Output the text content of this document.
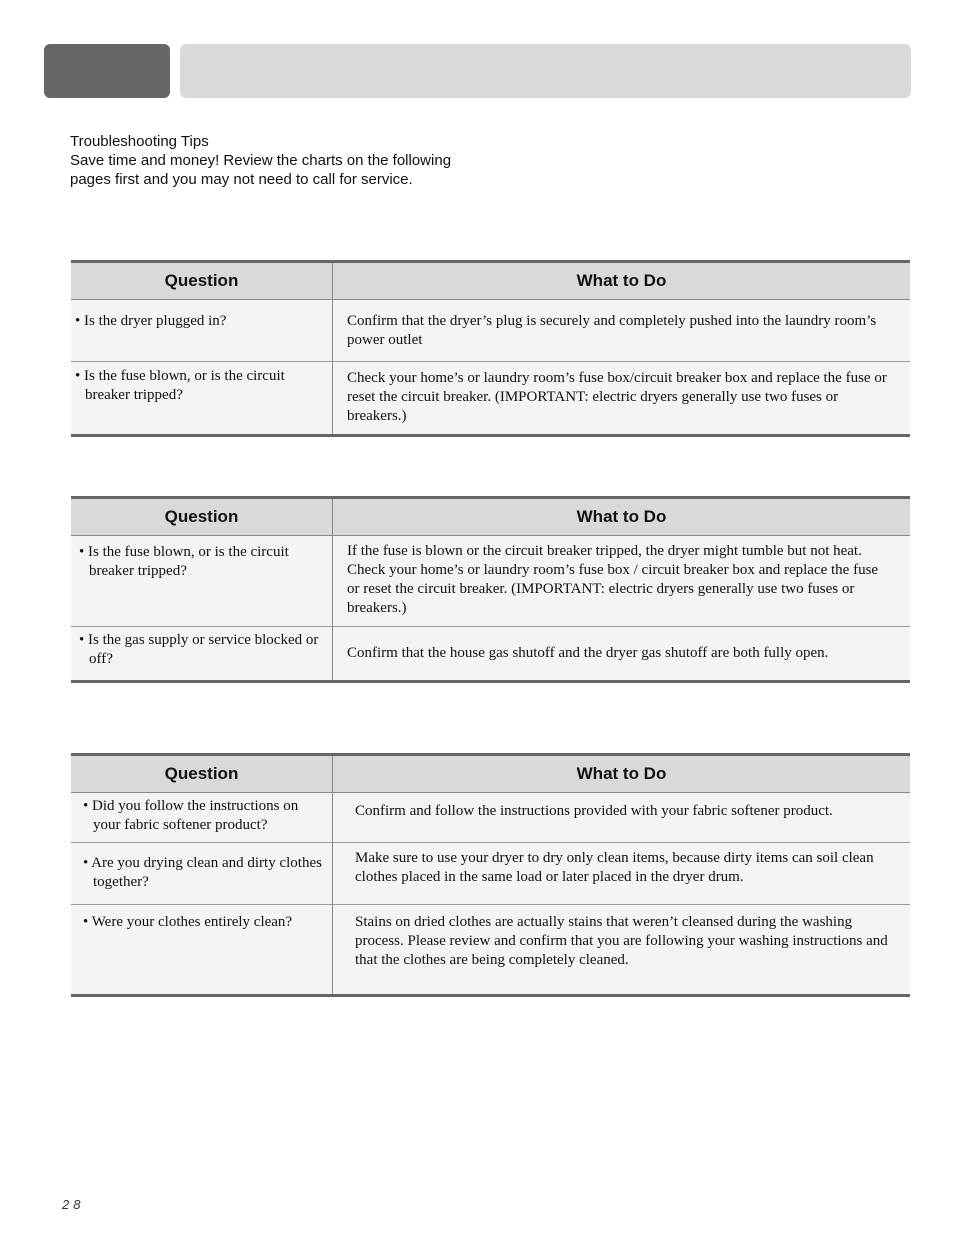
Troubleshooting Tips
Save time and money! Review the charts on the following
pages first and you may not need to call for service.
Question	What to Do

• Is the dryer plugged in?	Confirm that the dryer’s plug is securely and completely pushed into the laundry room’s power outlet

• Is the fuse blown, or is the circuit breaker tripped?	Check your home’s or laundry room’s fuse box/circuit breaker box and replace the fuse or reset the circuit breaker. (IMPORTANT: electric dryers generally use two fuses or breakers.)
Question	What to Do

• Is the fuse blown, or is the circuit breaker tripped?	If the fuse is blown or the circuit breaker tripped, the dryer might tumble but not heat. Check your home’s or laundry room’s fuse box / circuit breaker box and replace the fuse or reset the circuit breaker. (IMPORTANT: electric dryers generally use two fuses or breakers.)

• Is the gas supply or service blocked or off?	Confirm that the house gas shutoff and the dryer gas shutoff are both fully open.
Question	What to Do

• Did you follow the instructions on your fabric softener product?	Confirm and follow the instructions provided with your fabric softener product.

• Are you drying clean and dirty clothes together?	Make sure to use your dryer to dry only clean items, because dirty items can soil clean clothes placed in the same load or later placed in the dryer drum.

• Were your clothes entirely clean?	Stains on dried clothes are actually stains that weren’t cleansed during the washing process. Please review and confirm that you are following your washing instructions and that the clothes are being completely cleaned.
28
